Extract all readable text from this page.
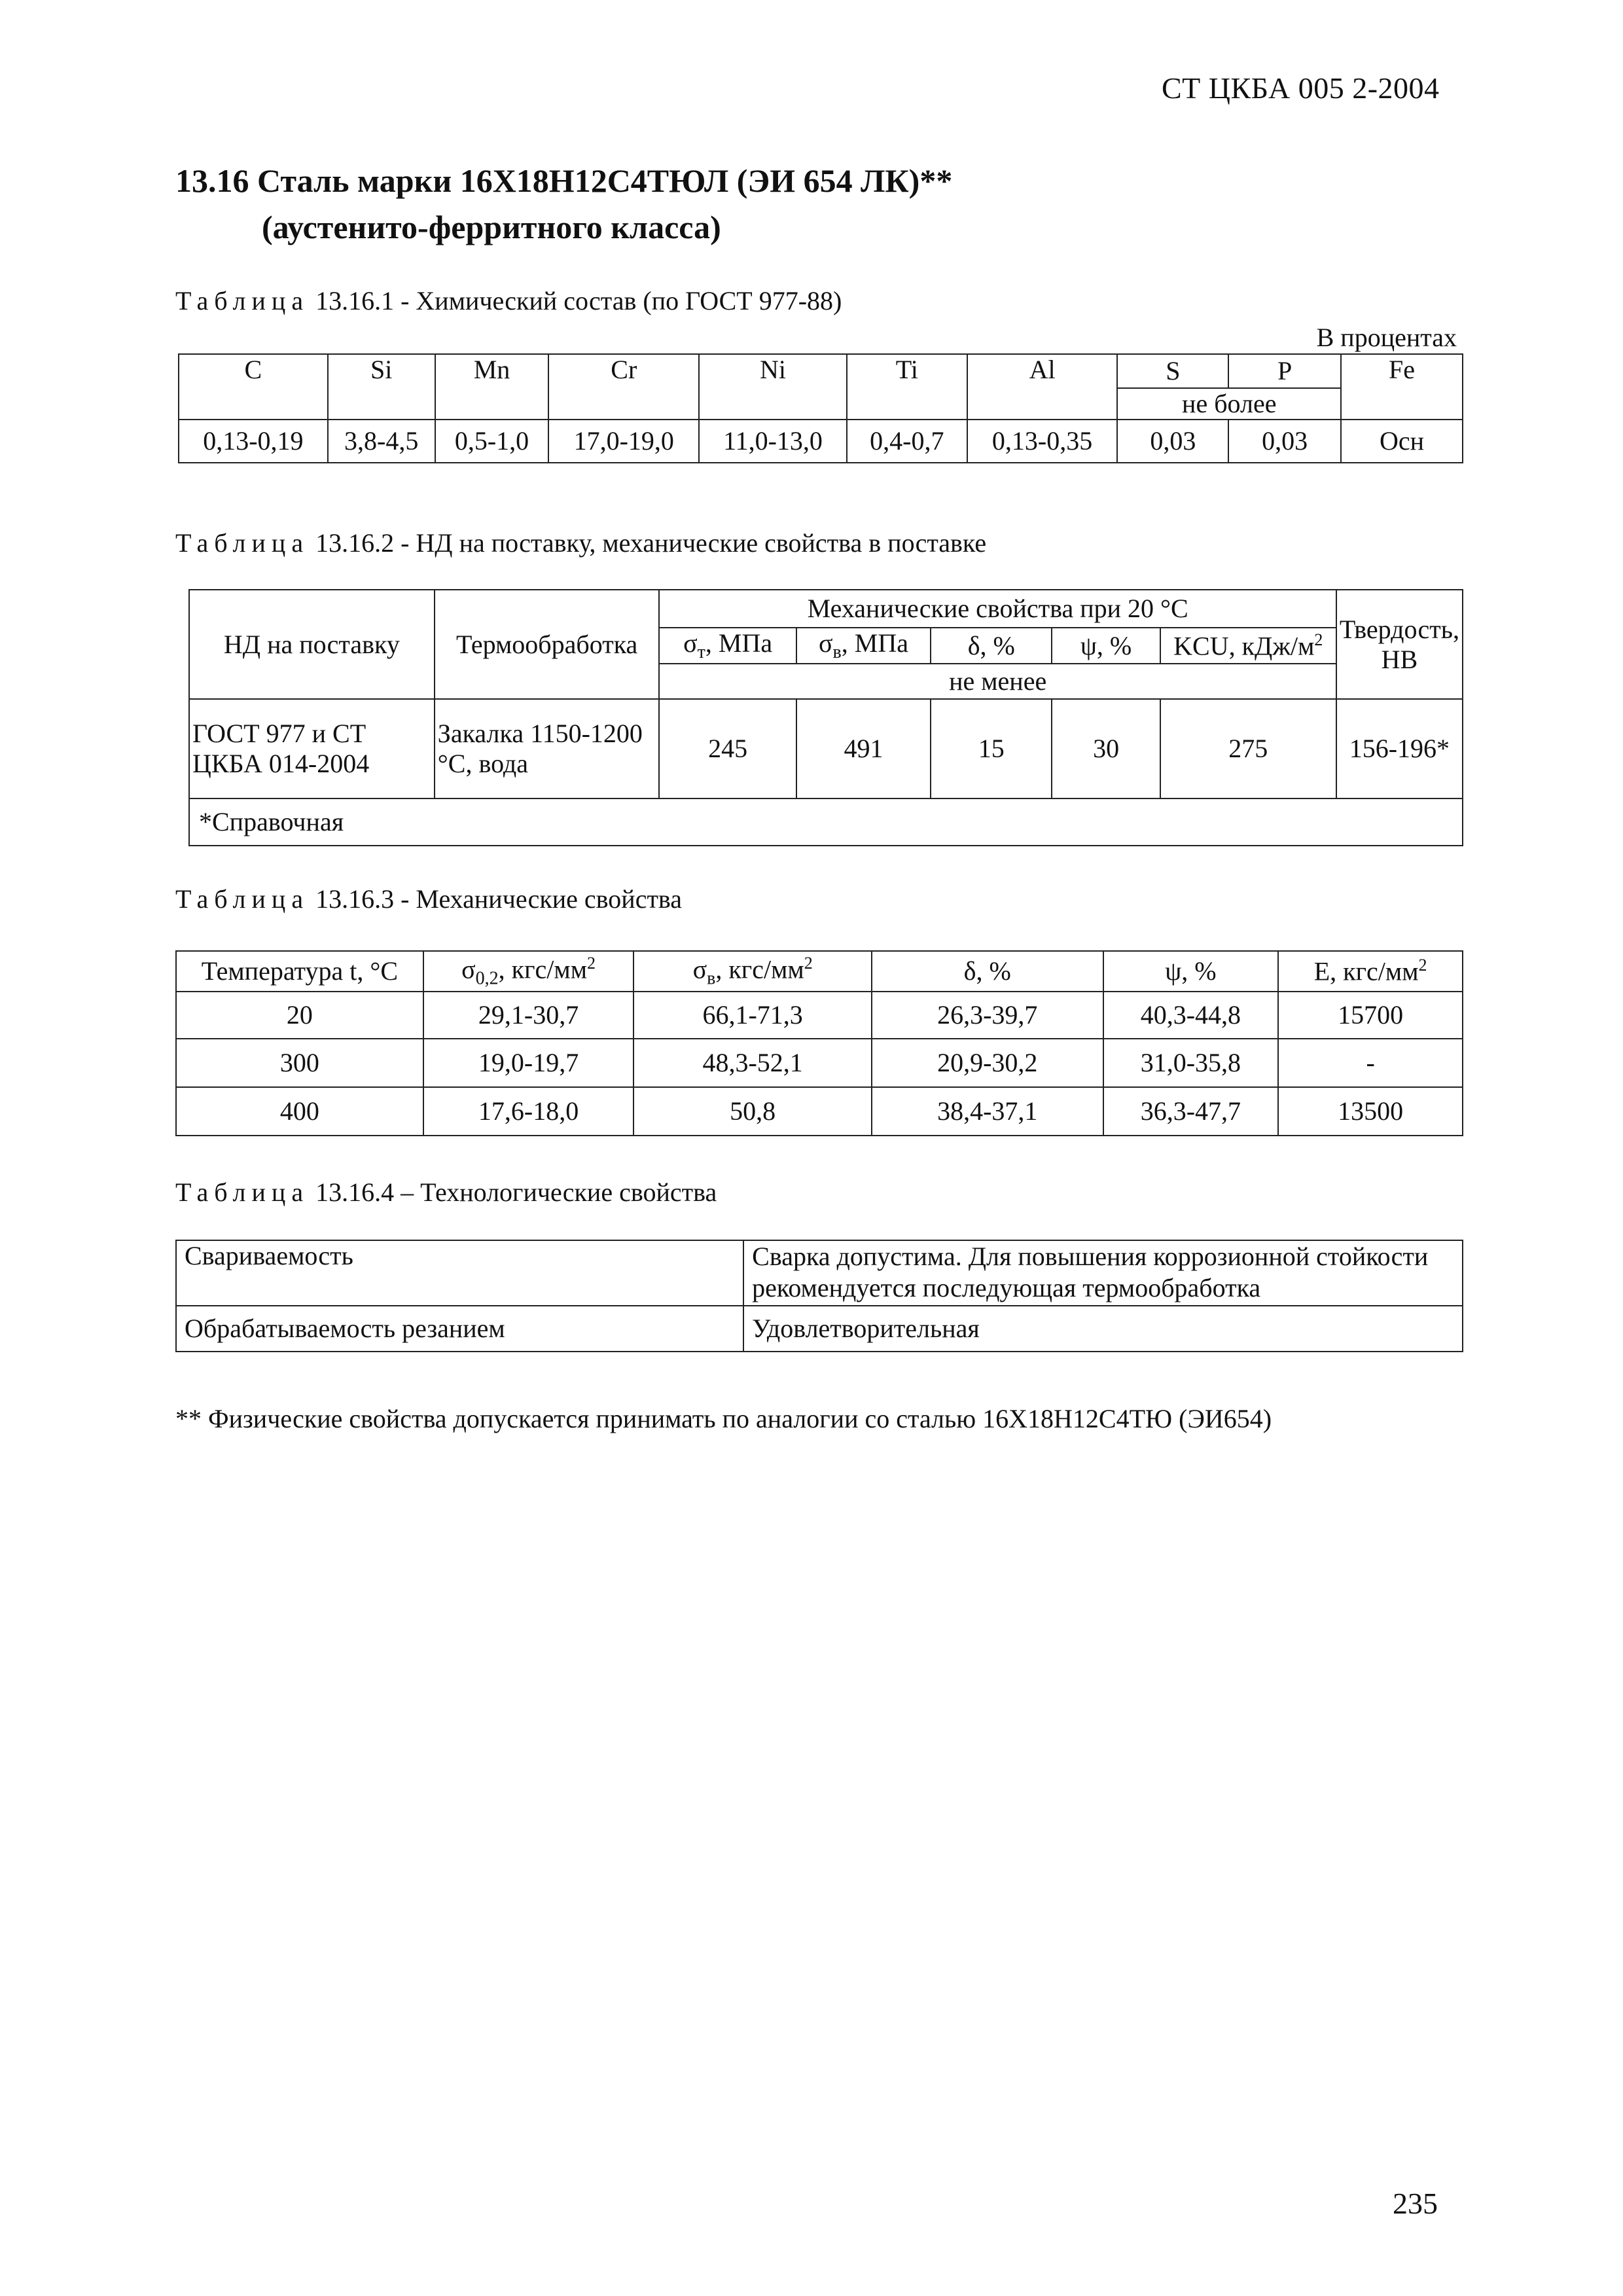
СТ ЦКБА 005 2-2004
13.16 Сталь марки 16Х18Н12С4ТЮЛ (ЭИ 654 ЛК)**
(аустенито-ферритного класса)
Таблица 13.16.1 - Химический состав (по ГОСТ 977-88)
В процентах
C	Si	Mn	Cr	Ni	Ti	Al	S	P	Fe
							не более		
0,13-0,19	3,8-4,5	0,5-1,0	17,0-19,0	11,0-13,0	0,4-0,7	0,13-0,35	0,03	0,03	Осн
Таблица 13.16.2 - НД на поставку, механические свойства в поставке
НД на поставку	Термообработка	Механические свойства при 20 °С					Твердость, НВ
		$\sigma_т$, МПа	$\sigma_в$, МПа	δ, %	ψ, %	KCU, кДж/$м^2$
		не менее					
ГОСТ 977 и СТ ЦКБА 014-2004	Закалка 1150-1200 °С, вода	245	491	15	30	275	156-196*
*Справочная							
Таблица 13.16.3 - Механические свойства
Температура t, °С	$\sigma_{0,2}$, кгс/$мм^2$	$\sigma_в$, кгс/$мм^2$	δ, %	ψ, %	Е, кгс/$мм^2$
20	29,1-30,7	66,1-71,3	26,3-39,7	40,3-44,8	15700
300	19,0-19,7	48,3-52,1	20,9-30,2	31,0-35,8	-
400	17,6-18,0	50,8	38,4-37,1	36,3-47,7	13500
Таблица 13.16.4 – Технологические свойства
Свариваемость	Сварка допустима. Для повышения коррозионной стойкости рекомендуется последующая термообработка
Обрабатываемость резанием	Удовлетворительная
** Физические свойства допускается принимать по аналогии со сталью 16Х18Н12С4ТЮ (ЭИ654)
235
